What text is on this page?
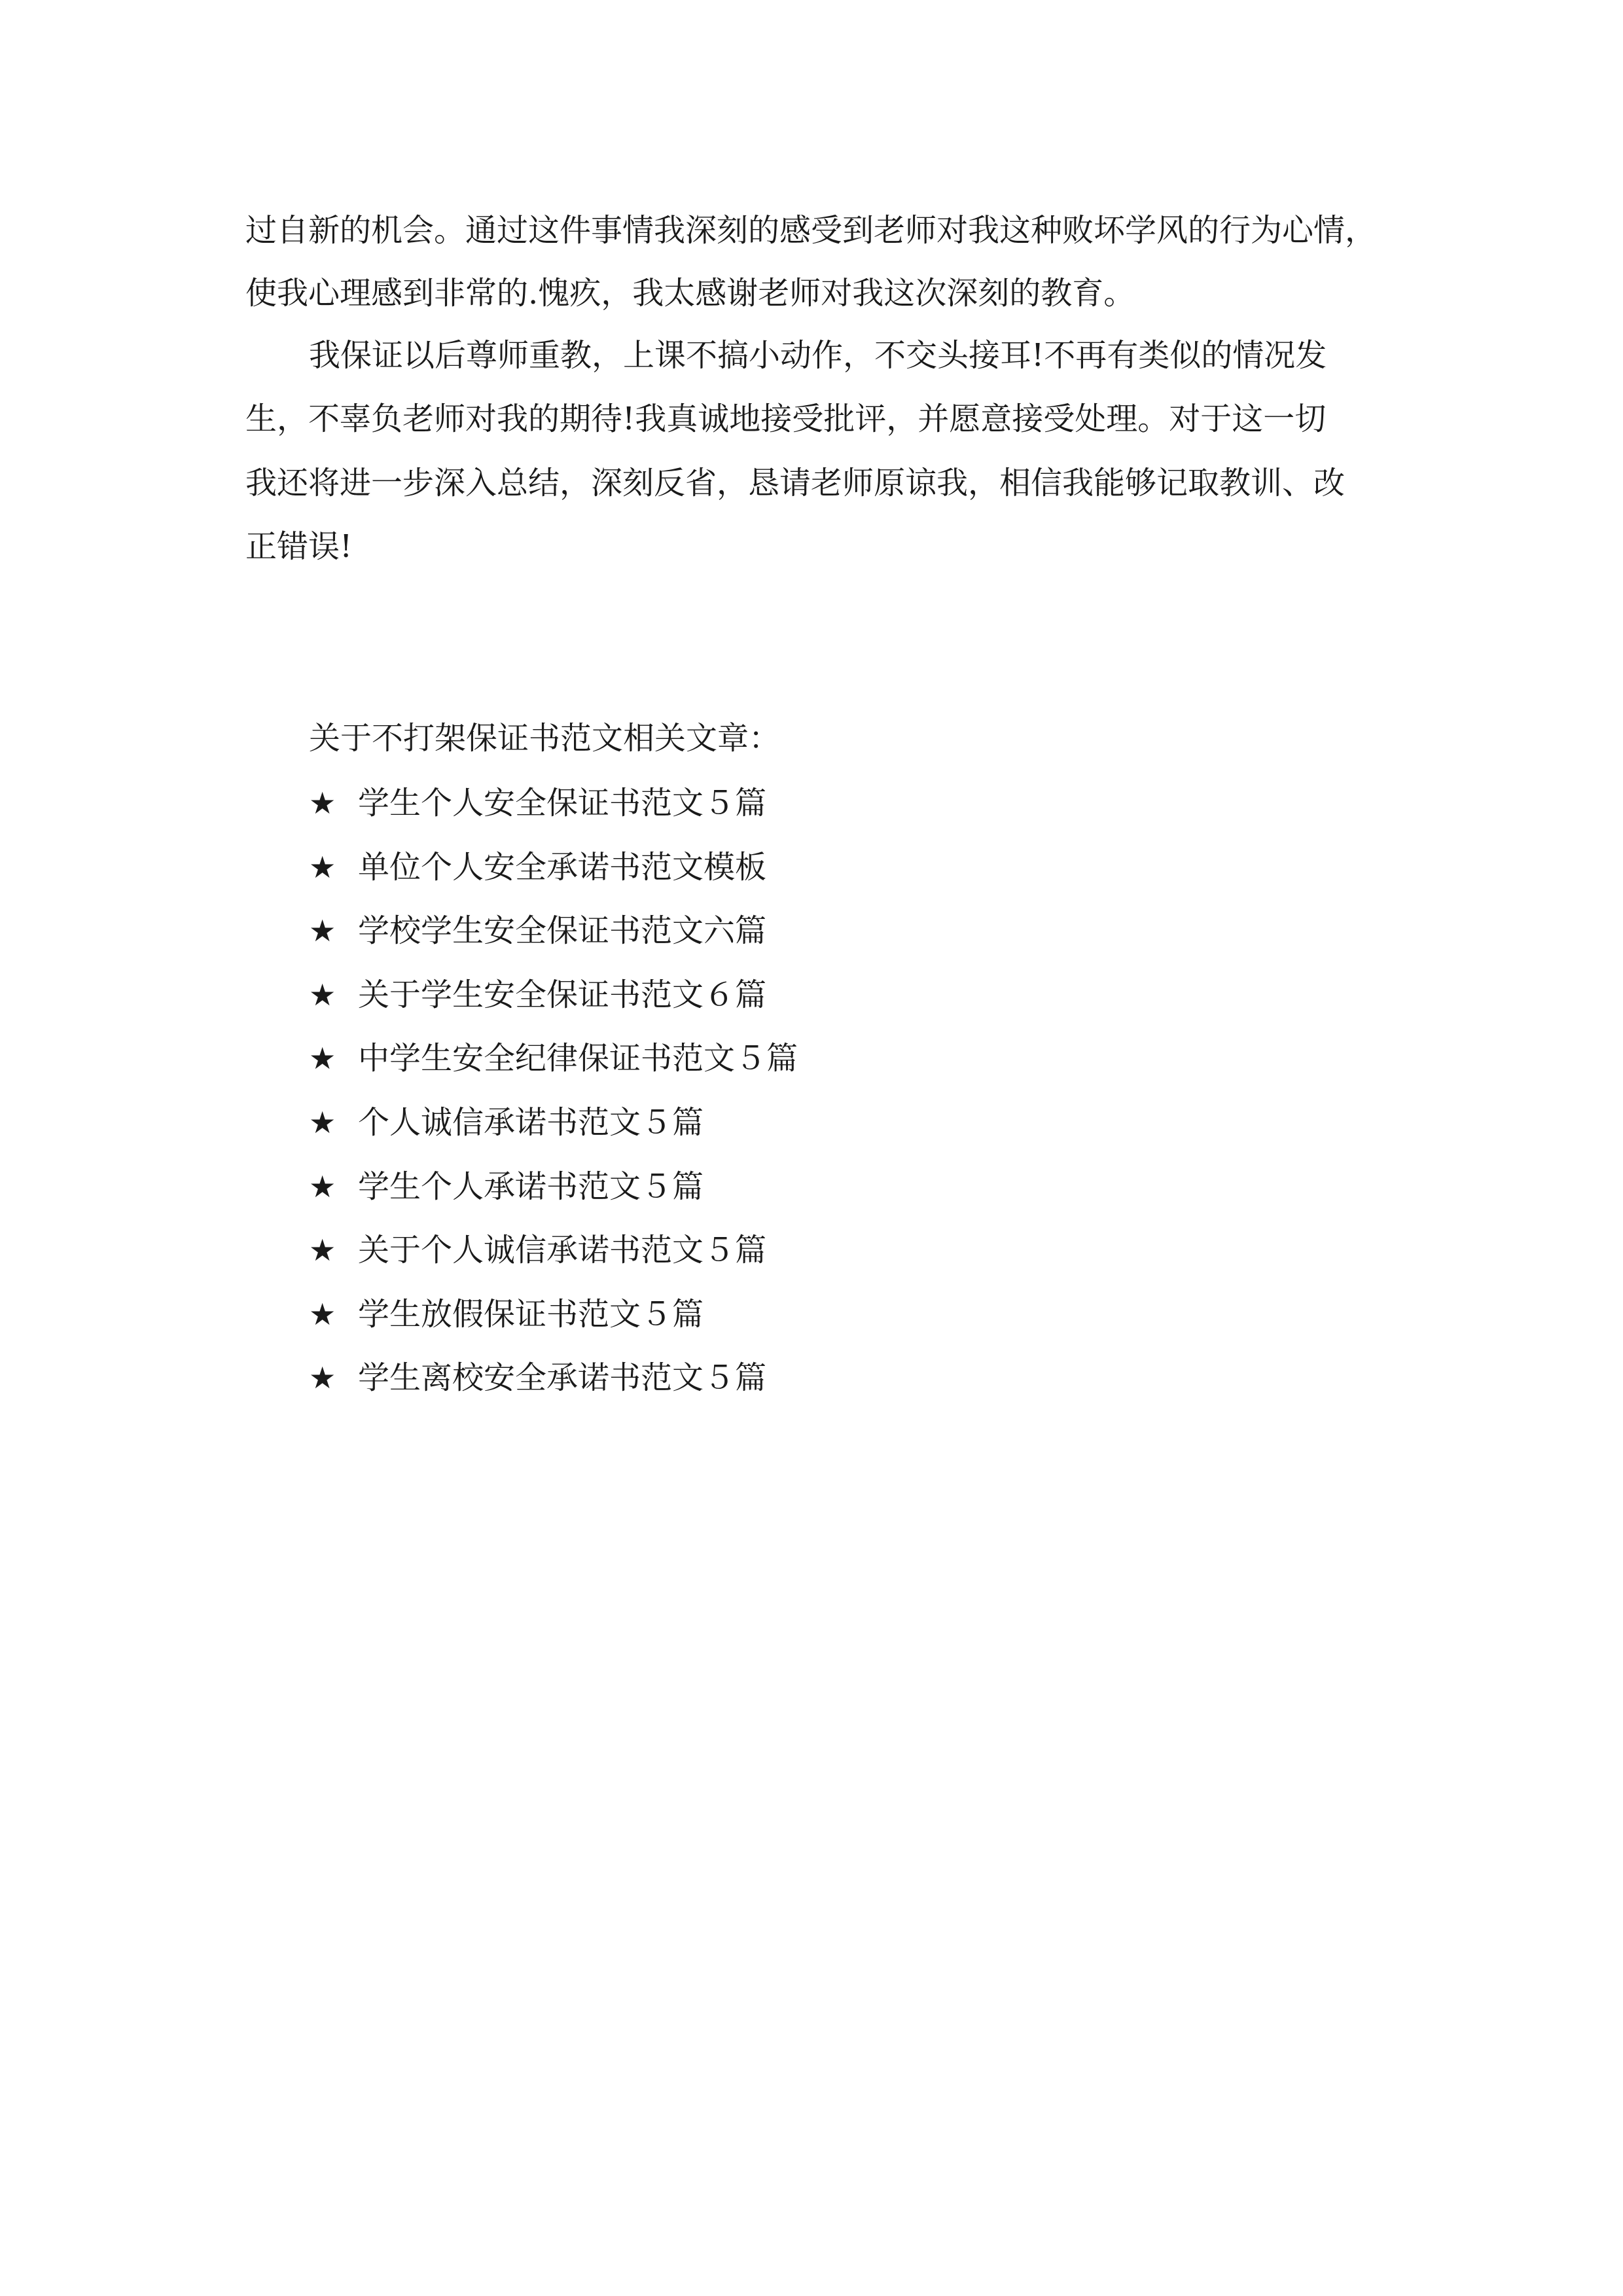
过自新的机会。通过这件事情我深刻的感受到老师对我这种败坏学风的行为心情，
使我心理感到非常的.愧疚，我太感谢老师对我这次深刻的教育。
我保证以后尊师重教，上课不搞小动作，不交头接耳!不再有类似的情况发
生，不辜负老师对我的期待!我真诚地接受批评，并愿意接受处理。对于这一切
我还将进一步深入总结，深刻反省，恳请老师原谅我，相信我能够记取教训、改
正错误!
关于不打架保证书范文相关文章：
★ 学生个人安全保证书范文５篇
★ 单位个人安全承诺书范文模板
★ 学校学生安全保证书范文六篇
★ 关于学生安全保证书范文６篇
★ 中学生安全纪律保证书范文５篇
★ 个人诚信承诺书范文５篇
★ 学生个人承诺书范文５篇
★ 关于个人诚信承诺书范文５篇
★ 学生放假保证书范文５篇
★ 学生离校安全承诺书范文５篇
